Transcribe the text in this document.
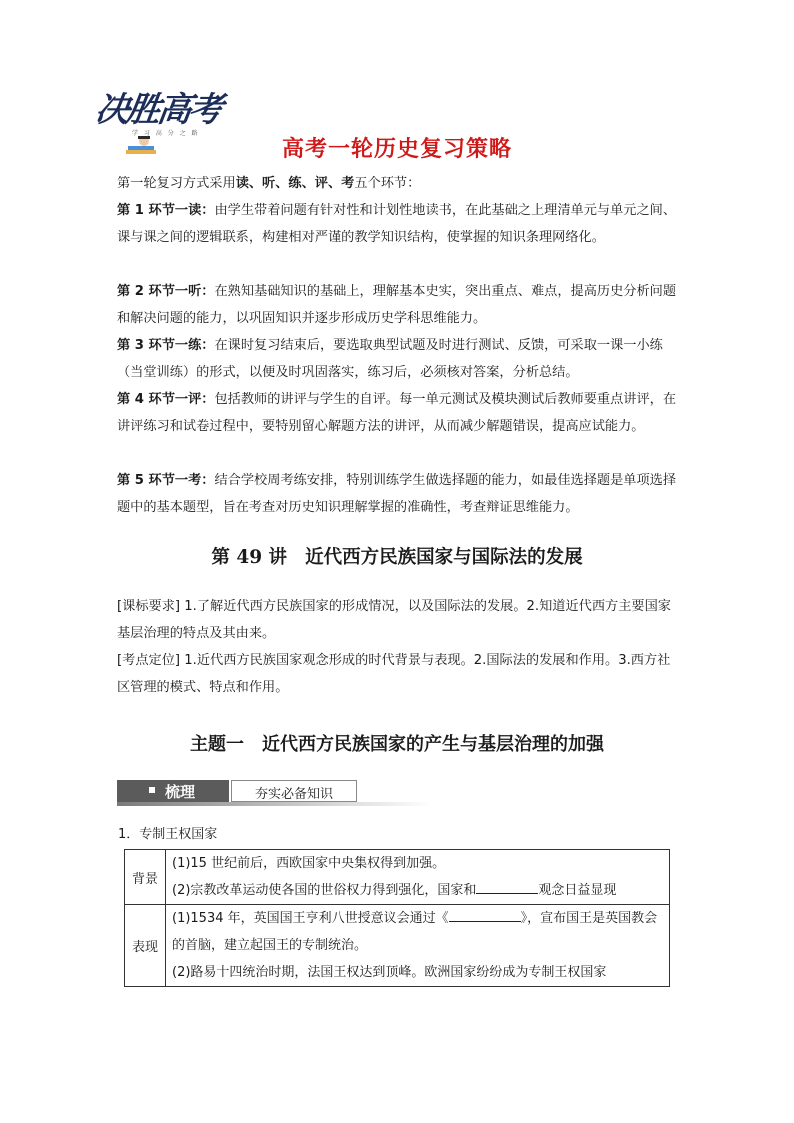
决胜高考
学 习 高 分 之 路
高考一轮历史复习策略
第一轮复习方式采用读、听、练、评、考五个环节：
第 1 环节一读：由学生带着问题有针对性和计划性地读书，在此基础之上理清单元与单元之间、课与课之间的逻辑联系，构建相对严谨的教学知识结构，使掌握的知识条理网络化。
第 2 环节一听：在熟知基础知识的基础上，理解基本史实，突出重点、难点，提高历史分析问题和解决问题的能力，以巩固知识并逐步形成历史学科思维能力。
第 3 环节一练：在课时复习结束后，要选取典型试题及时进行测试、反馈，可采取一课一小练（当堂训练）的形式，以便及时巩固落实，练习后，必须核对答案，分析总结。
第 4 环节一评：包括教师的讲评与学生的自评。每一单元测试及模块测试后教师要重点讲评，在讲评练习和试卷过程中，要特别留心解题方法的讲评，从而减少解题错误，提高应试能力。
第 5 环节一考：结合学校周考练安排，特别训练学生做选择题的能力，如最佳选择题是单项选择题中的基本题型，旨在考查对历史知识理解掌握的准确性，考查辩证思维能力。
第 49 讲 近代西方民族国家与国际法的发展
[课标要求] 1.了解近代西方民族国家的形成情况，以及国际法的发展。2.知道近代西方主要国家基层治理的特点及其由来。
[考点定位] 1.近代西方民族国家观念形成的时代背景与表现。2.国际法的发展和作用。3.西方社区管理的模式、特点和作用。
主题一 近代西方民族国家的产生与基层治理的加强
梳理	夯实必备知识
1．专制王权国家
背景	(1)15 世纪前后，西欧国家中央集权得到加强。
(2)宗教改革运动使各国的世俗权力得到强化，国家和 观念日益显现

表现	(1)1534 年，英国国王亨利八世授意议会通过《 》，宣布国王是英国教会的首脑，建立起国王的专制统治。
(2)路易十四统治时期，法国王权达到顶峰。欧洲国家纷纷成为专制王权国家
